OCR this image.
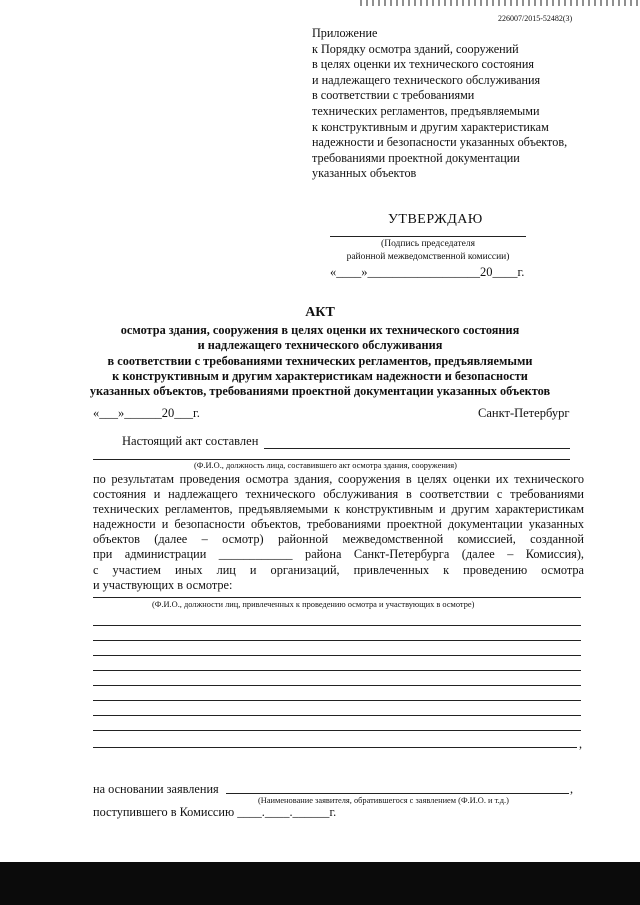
226007/2015-52482(3)
Приложение
к Порядку осмотра зданий, сооружений
в целях оценки их технического состояния
и надлежащего технического обслуживания
в соответствии с требованиями
технических регламентов, предъявляемыми
к конструктивным и другим характеристикам
надежности и безопасности указанных объектов,
требованиями проектной документации
указанных объектов
УТВЕРЖДАЮ
(Подпись председателя
районной межведомственной комиссии)
«____»__________________20____г.
АКТ
осмотра здания, сооружения в целях оценки их технического состояния
и надлежащего технического обслуживания
в соответствии с требованиями технических регламентов, предъявляемыми
к конструктивным и другим характеристикам надежности и безопасности
указанных объектов, требованиями проектной документации указанных объектов
«___»______20___г.	Санкт-Петербург
Настоящий акт составлен
(Ф.И.О., должность лица, составившего акт осмотра здания, сооружения)
по результатам проведения осмотра здания, сооружения в целях оценки их технического
состояния и надлежащего технического обслуживания в соответствии с требованиями
технических регламентов, предъявляемыми к конструктивным и другим характеристикам
надежности и безопасности объектов, требованиями проектной документации указанных
объектов (далее – осмотр) районной межведомственной комиссией, созданной
при администрации ____________ района Санкт-Петербурга (далее – Комиссия),
с участием иных лиц и организаций, привлеченных к проведению осмотра
и участвующих в осмотре:
(Ф.И.О., должности лиц, привлеченных к проведению осмотра и участвующих в осмотре)
,
на основании заявления	,
(Наименование заявителя, обратившегося с заявлением (Ф.И.О. и т.д.)
поступившего в Комиссию ____.____.______г.
